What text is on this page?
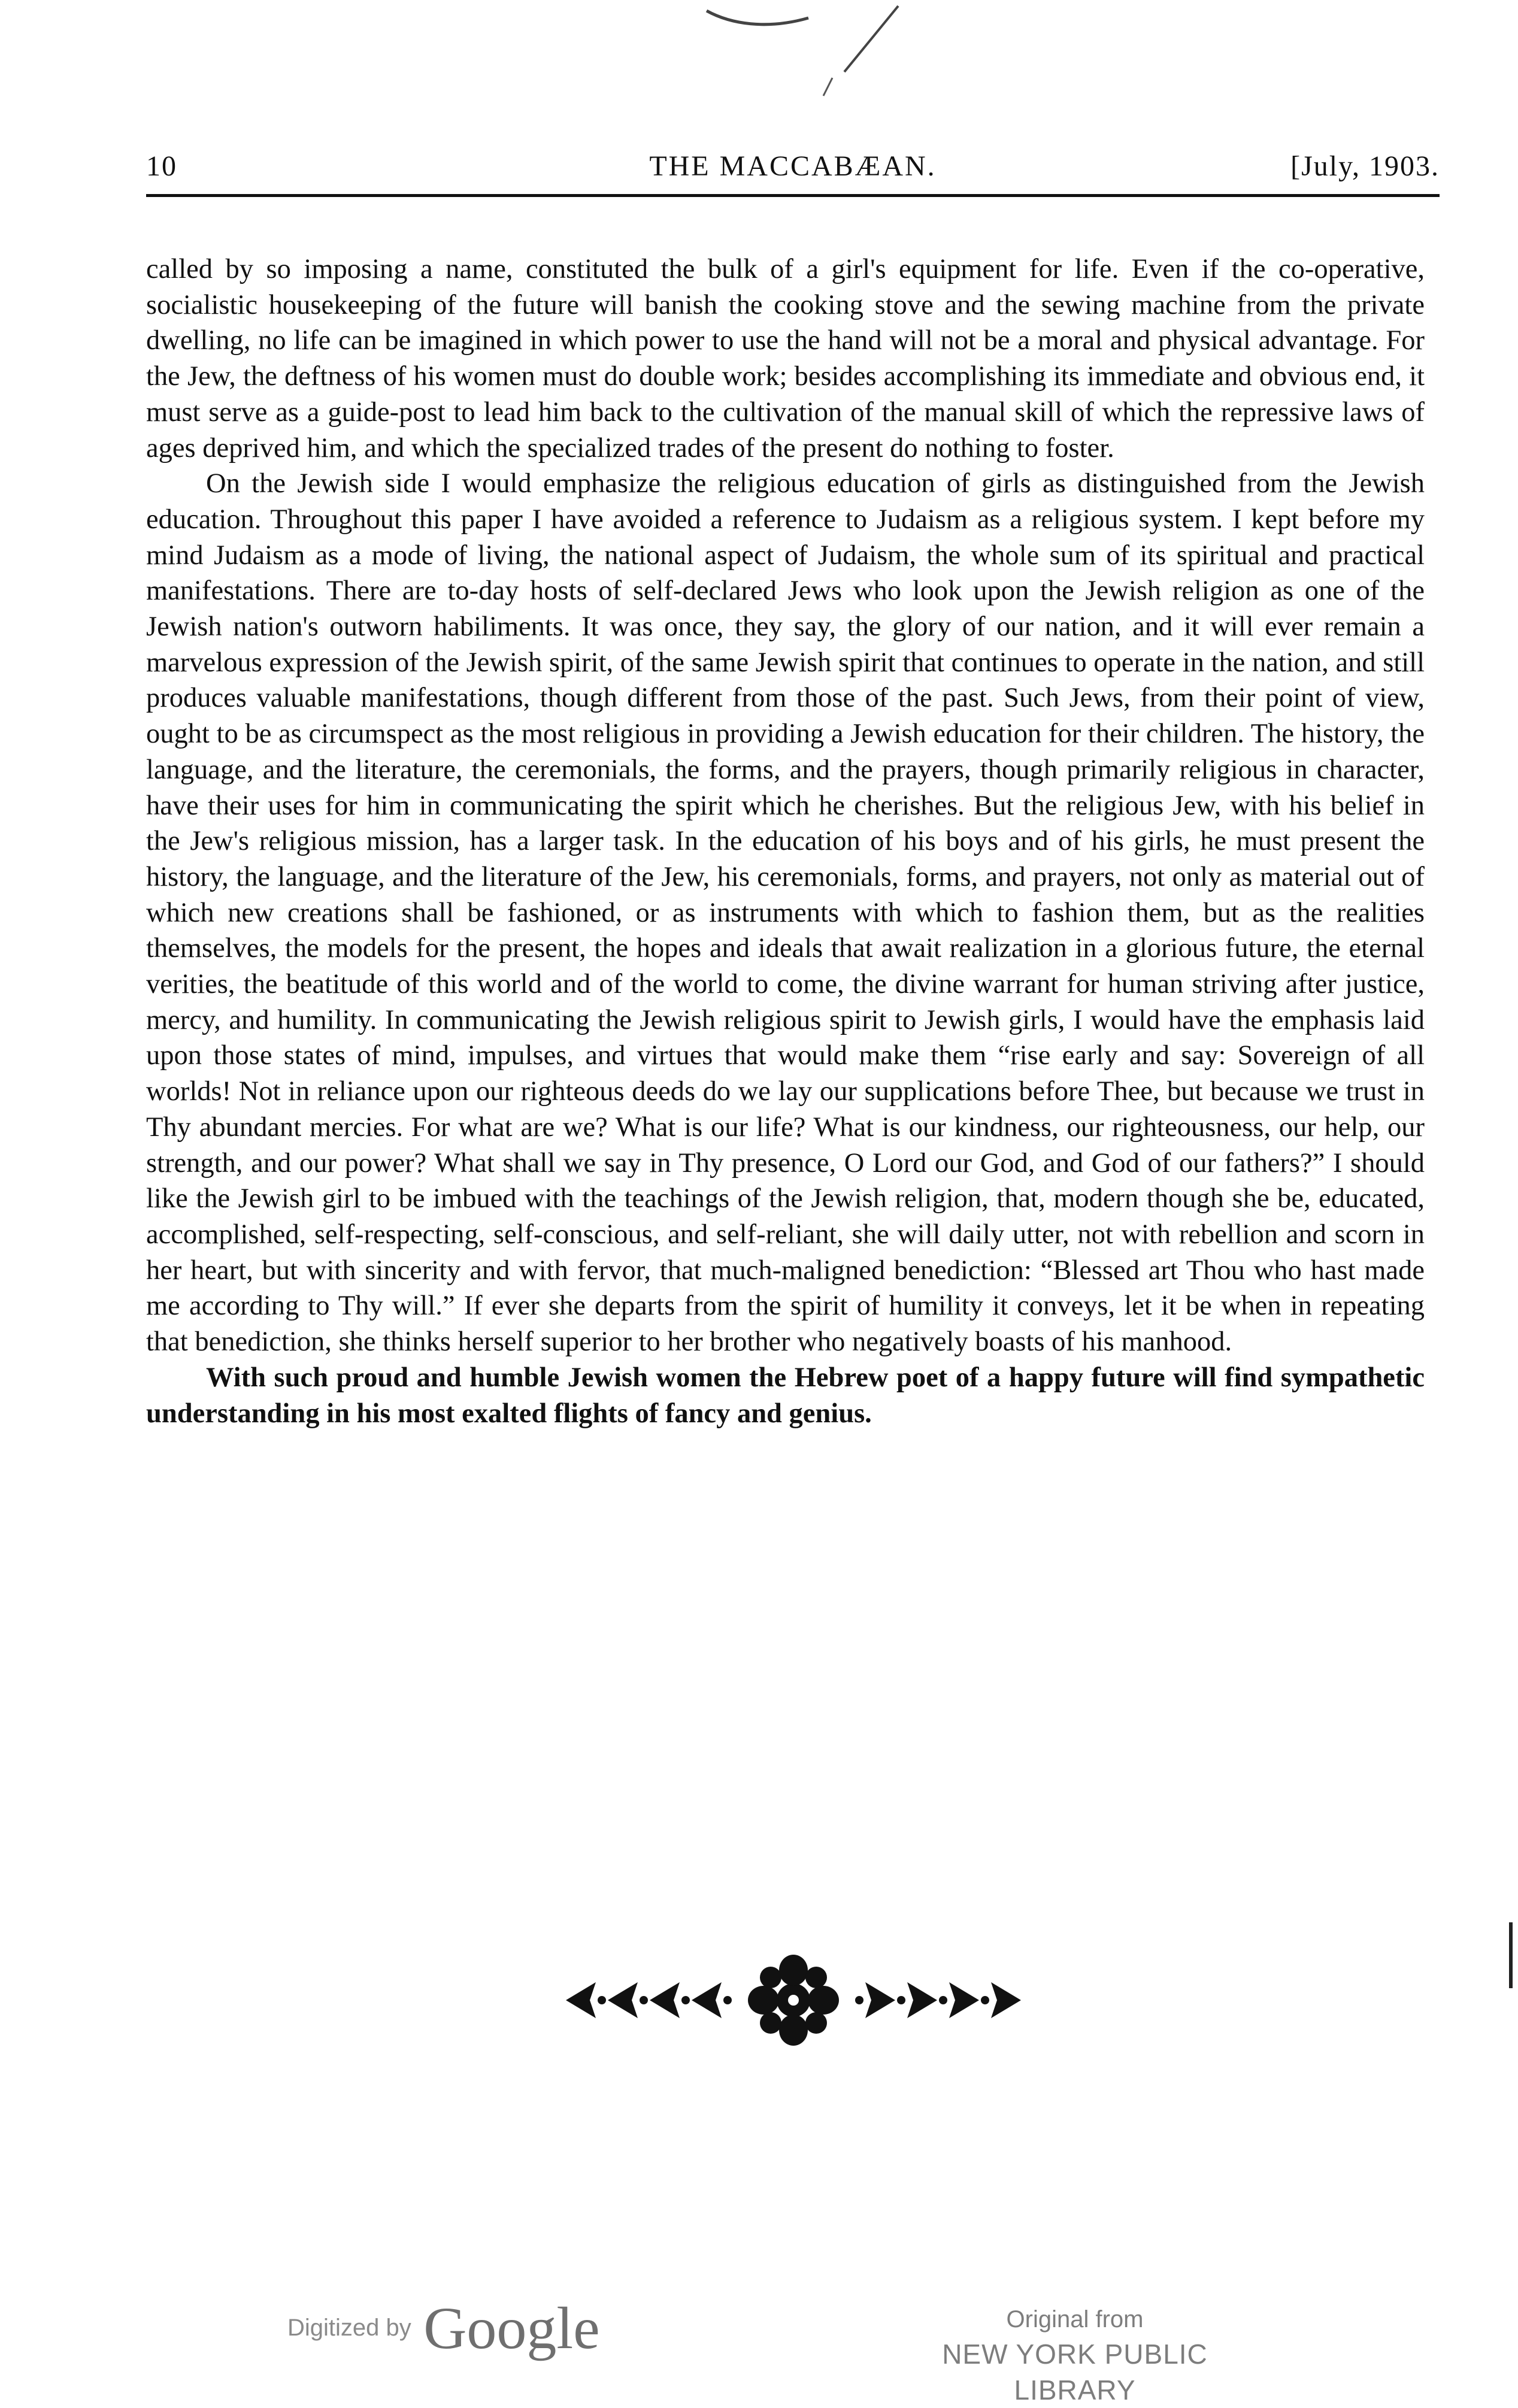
10	THE MACCABÆAN.	[July, 1903.

called by so imposing a name, constituted the bulk of a girl's equipment for life. Even if the co-operative, socialistic housekeeping of the future will banish the cooking stove and the sewing machine from the private dwelling, no life can be imagined in which power to use the hand will not be a moral and physical advantage. For the Jew, the deftness of his women must do double work; besides accomplishing its immediate and obvious end, it must serve as a guide-post to lead him back to the cultivation of the manual skill of which the repressive laws of ages deprived him, and which the specialized trades of the present do nothing to foster.

On the Jewish side I would emphasize the religious education of girls as distinguished from the Jewish education. Throughout this paper I have avoided a reference to Judaism as a religious system. I kept before my mind Judaism as a mode of living, the national aspect of Judaism, the whole sum of its spiritual and practical manifestations. There are to-day hosts of self-declared Jews who look upon the Jewish religion as one of the Jewish nation's outworn habiliments. It was once, they say, the glory of our nation, and it will ever remain a marvelous expression of the Jewish spirit, of the same Jewish spirit that continues to operate in the nation, and still produces valuable manifestations, though different from those of the past. Such Jews, from their point of view, ought to be as circumspect as the most religious in providing a Jewish education for their children. The history, the language, and the literature, the ceremonials, the forms, and the prayers, though primarily religious in character, have their uses for him in communicating the spirit which he cherishes. But the religious Jew, with his belief in the Jew's religious mission, has a larger task. In the education of his boys and of his girls, he must present the history, the language, and the literature of the Jew, his ceremonials, forms, and prayers, not only as material out of which new creations shall be fashioned, or as instruments with which to fashion them, but as the realities themselves, the models for the present, the hopes and ideals that await realization in a glorious future, the eternal verities, the beatitude of this world and of the world to come, the divine warrant for human striving after justice, mercy, and humility. In communicating the Jewish religious spirit to Jewish girls, I would have the emphasis laid upon those states of mind, impulses, and virtues that would make them “rise early and say: Sovereign of all worlds! Not in reliance upon our righteous deeds do we lay our supplications before Thee, but because we trust in Thy abundant mercies. For what are we? What is our life? What is our kindness, our righteousness, our help, our strength, and our power? What shall we say in Thy presence, O Lord our God, and God of our fathers?” I should like the Jewish girl to be imbued with the teachings of the Jewish religion, that, modern though she be, educated, accomplished, self-respecting, self-conscious, and self-reliant, she will daily utter, not with rebellion and scorn in her heart, but with sincerity and with fervor, that much-maligned benediction: “Blessed art Thou who hast made me according to Thy will.” If ever she departs from the spirit of humility it conveys, let it be when in repeating that benediction, she thinks herself superior to her brother who negatively boasts of his manhood.

With such proud and humble Jewish women the Hebrew poet of a happy future will find sympathetic understanding in his most exalted flights of fancy and genius.

Digitized by Google	Original from
NEW YORK PUBLIC LIBRARY
